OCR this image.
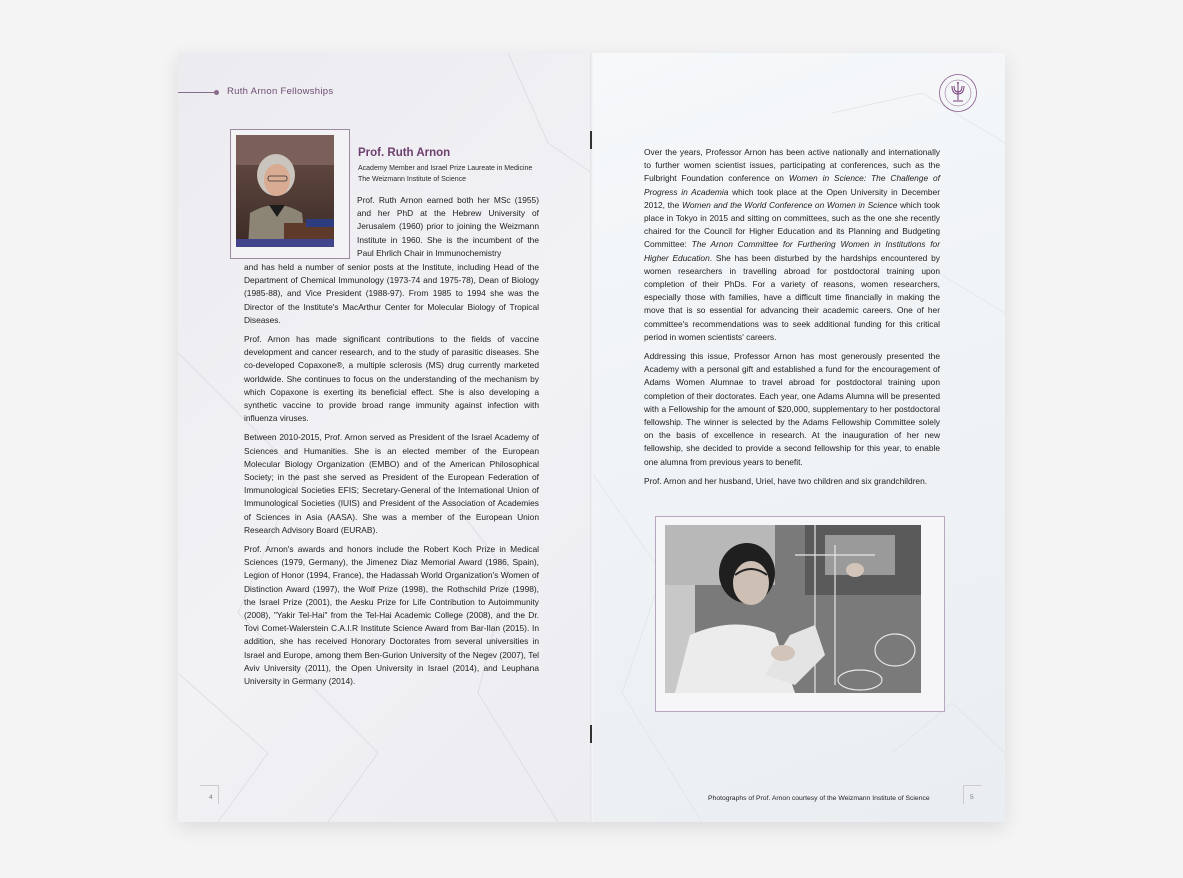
Ruth Arnon Fellowships
Prof. Ruth Arnon
Academy Member and Israel Prize Laureate in Medicine
The Weizmann Institute of Science
Prof. Ruth Arnon earned both her MSc (1955) and her PhD at the Hebrew University of Jerusalem (1960) prior to joining the Weizmann Institute in 1960. She is the incumbent of the Paul Ehrlich Chair in Immunochemistry

and has held a number of senior posts at the Institute, including Head of the Department of Chemical Immunology (1973-74 and 1975-78), Dean of Biology (1985-88), and Vice President (1988-97). From 1985 to 1994 she was the Director of the Institute's MacArthur Center for Molecular Biology of Tropical Diseases.

Prof. Arnon has made significant contributions to the fields of vaccine development and cancer research, and to the study of parasitic diseases. She co-developed Copaxone®, a multiple sclerosis (MS) drug currently marketed worldwide. She continues to focus on the understanding of the mechanism by which Copaxone is exerting its beneficial effect. She is also developing a synthetic vaccine to provide broad range immunity against infection with influenza viruses.

Between 2010-2015, Prof. Arnon served as President of the Israel Academy of Sciences and Humanities. She is an elected member of the European Molecular Biology Organization (EMBO) and of the American Philosophical Society; in the past she served as President of the European Federation of Immunological Societies EFIS; Secretary-General of the International Union of Immunological Societies (IUIS) and President of the Association of Academies of Sciences in Asia (AASA). She was a member of the European Union Research Advisory Board (EURAB).

Prof. Arnon's awards and honors include the Robert Koch Prize in Medical Sciences (1979, Germany), the Jimenez Diaz Memorial Award (1986, Spain), Legion of Honor (1994, France), the Hadassah World Organization's Women of Distinction Award (1997), the Wolf Prize (1998), the Rothschild Prize (1998), the Israel Prize (2001), the Aesku Prize for Life Contribution to Autoimmunity (2008), "Yakir Tel-Hai" from the Tel-Hai Academic College (2008), and the Dr. Tovi Comet-Walerstein C.A.I.R Institute Science Award from Bar-Ilan (2015). In addition, she has received Honorary Doctorates from several universities in Israel and Europe, among them Ben-Gurion University of the Negev (2007), Tel Aviv University (2011), the Open University in Israel (2014), and Leuphana University in Germany (2014).

4

Over the years, Professor Arnon has been active nationally and internationally to further women scientist issues, participating at conferences, such as the Fulbright Foundation conference on Women in Science: The Challenge of Progress in Academia which took place at the Open University in December 2012, the Women and the World Conference on Women in Science which took place in Tokyo in 2015 and sitting on committees, such as the one she recently chaired for the Council for Higher Education and its Planning and Budgeting Committee: The Arnon Committee for Furthering Women in Institutions for Higher Education. She has been disturbed by the hardships encountered by women researchers in travelling abroad for postdoctoral training upon completion of their PhDs. For a variety of reasons, women researchers, especially those with families, have a difficult time financially in making the move that is so essential for advancing their academic careers. One of her committee's recommendations was to seek additional funding for this critical period in women scientists' careers.

Addressing this issue, Professor Arnon has most generously presented the Academy with a personal gift and established a fund for the encouragement of Adams Women Alumnae to travel abroad for postdoctoral training upon completion of their doctorates. Each year, one Adams Alumna will be presented with a Fellowship for the amount of $20,000, supplementary to her postdoctoral fellowship. The winner is selected by the Adams Fellowship Committee solely on the basis of excellence in research. At the inauguration of her new fellowship, she decided to provide a second fellowship for this year, to enable one alumna from previous years to benefit.

Prof. Arnon and her husband, Uriel, have two children and six grandchildren.

Photographs of Prof. Arnon courtesy of the Weizmann Institute of Science	5
